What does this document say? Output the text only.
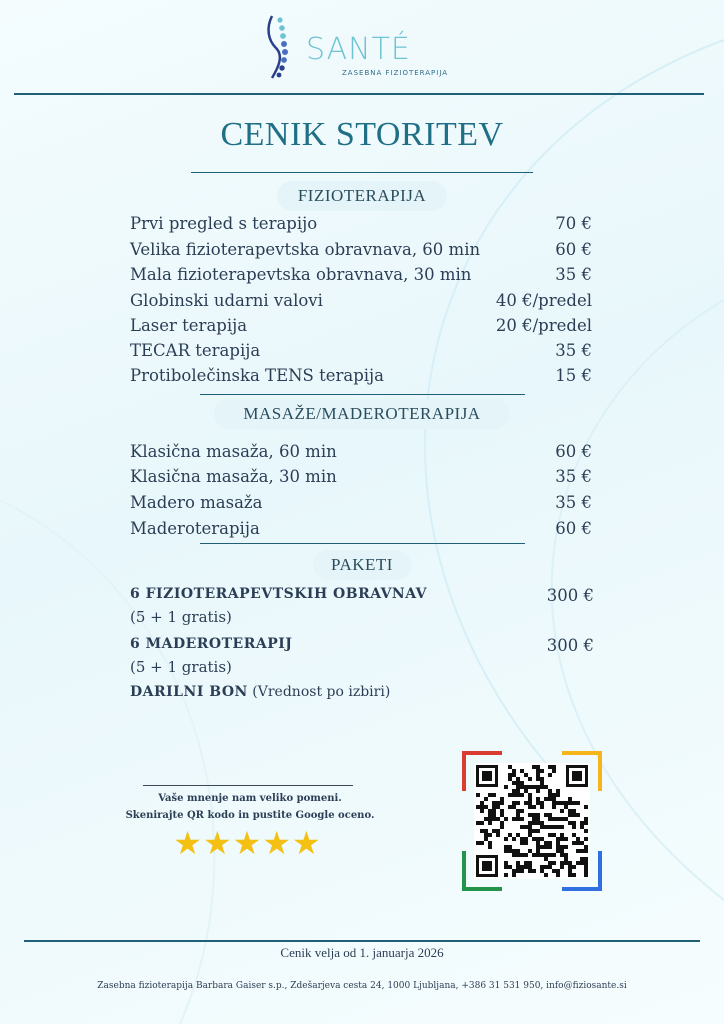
SANTÉ
ZASEBNA FIZIOTERAPIJA
CENIK STORITEV
FIZIOTERAPIJA
Prvi pregled s terapijo	70 €
Velika fizioterapevtska obravnava, 60 min	60 €
Mala fizioterapevtska obravnava, 30 min	35 €
Globinski udarni valovi	40 €/predel
Laser terapija	20 €/predel
TECAR terapija	35 €
Protibolečinska TENS terapija	15 €
MASAŽE/MADEROTERAPIJA
Klasična masaža, 60 min	60 €
Klasična masaža, 30 min	35 €
Madero masaža	35 €
Maderoterapija	60 €
PAKETI
6 FIZIOTERAPEVTSKIH OBRAVNAV	300 €
(5 + 1 gratis)
6 MADEROTERAPIJ	300 €
(5 + 1 gratis)
DARILNI BON (Vrednost po izbiri)
Vaše mnenje nam veliko pomeni.
Skenirajte QR kodo in pustite Google oceno.
★★★★★
Cenik velja od 1. januarja 2026
Zasebna fizioterapija Barbara Gaiser s.p., Zdešarjeva cesta 24, 1000 Ljubljana, +386 31 531 950, info@fiziosante.si
